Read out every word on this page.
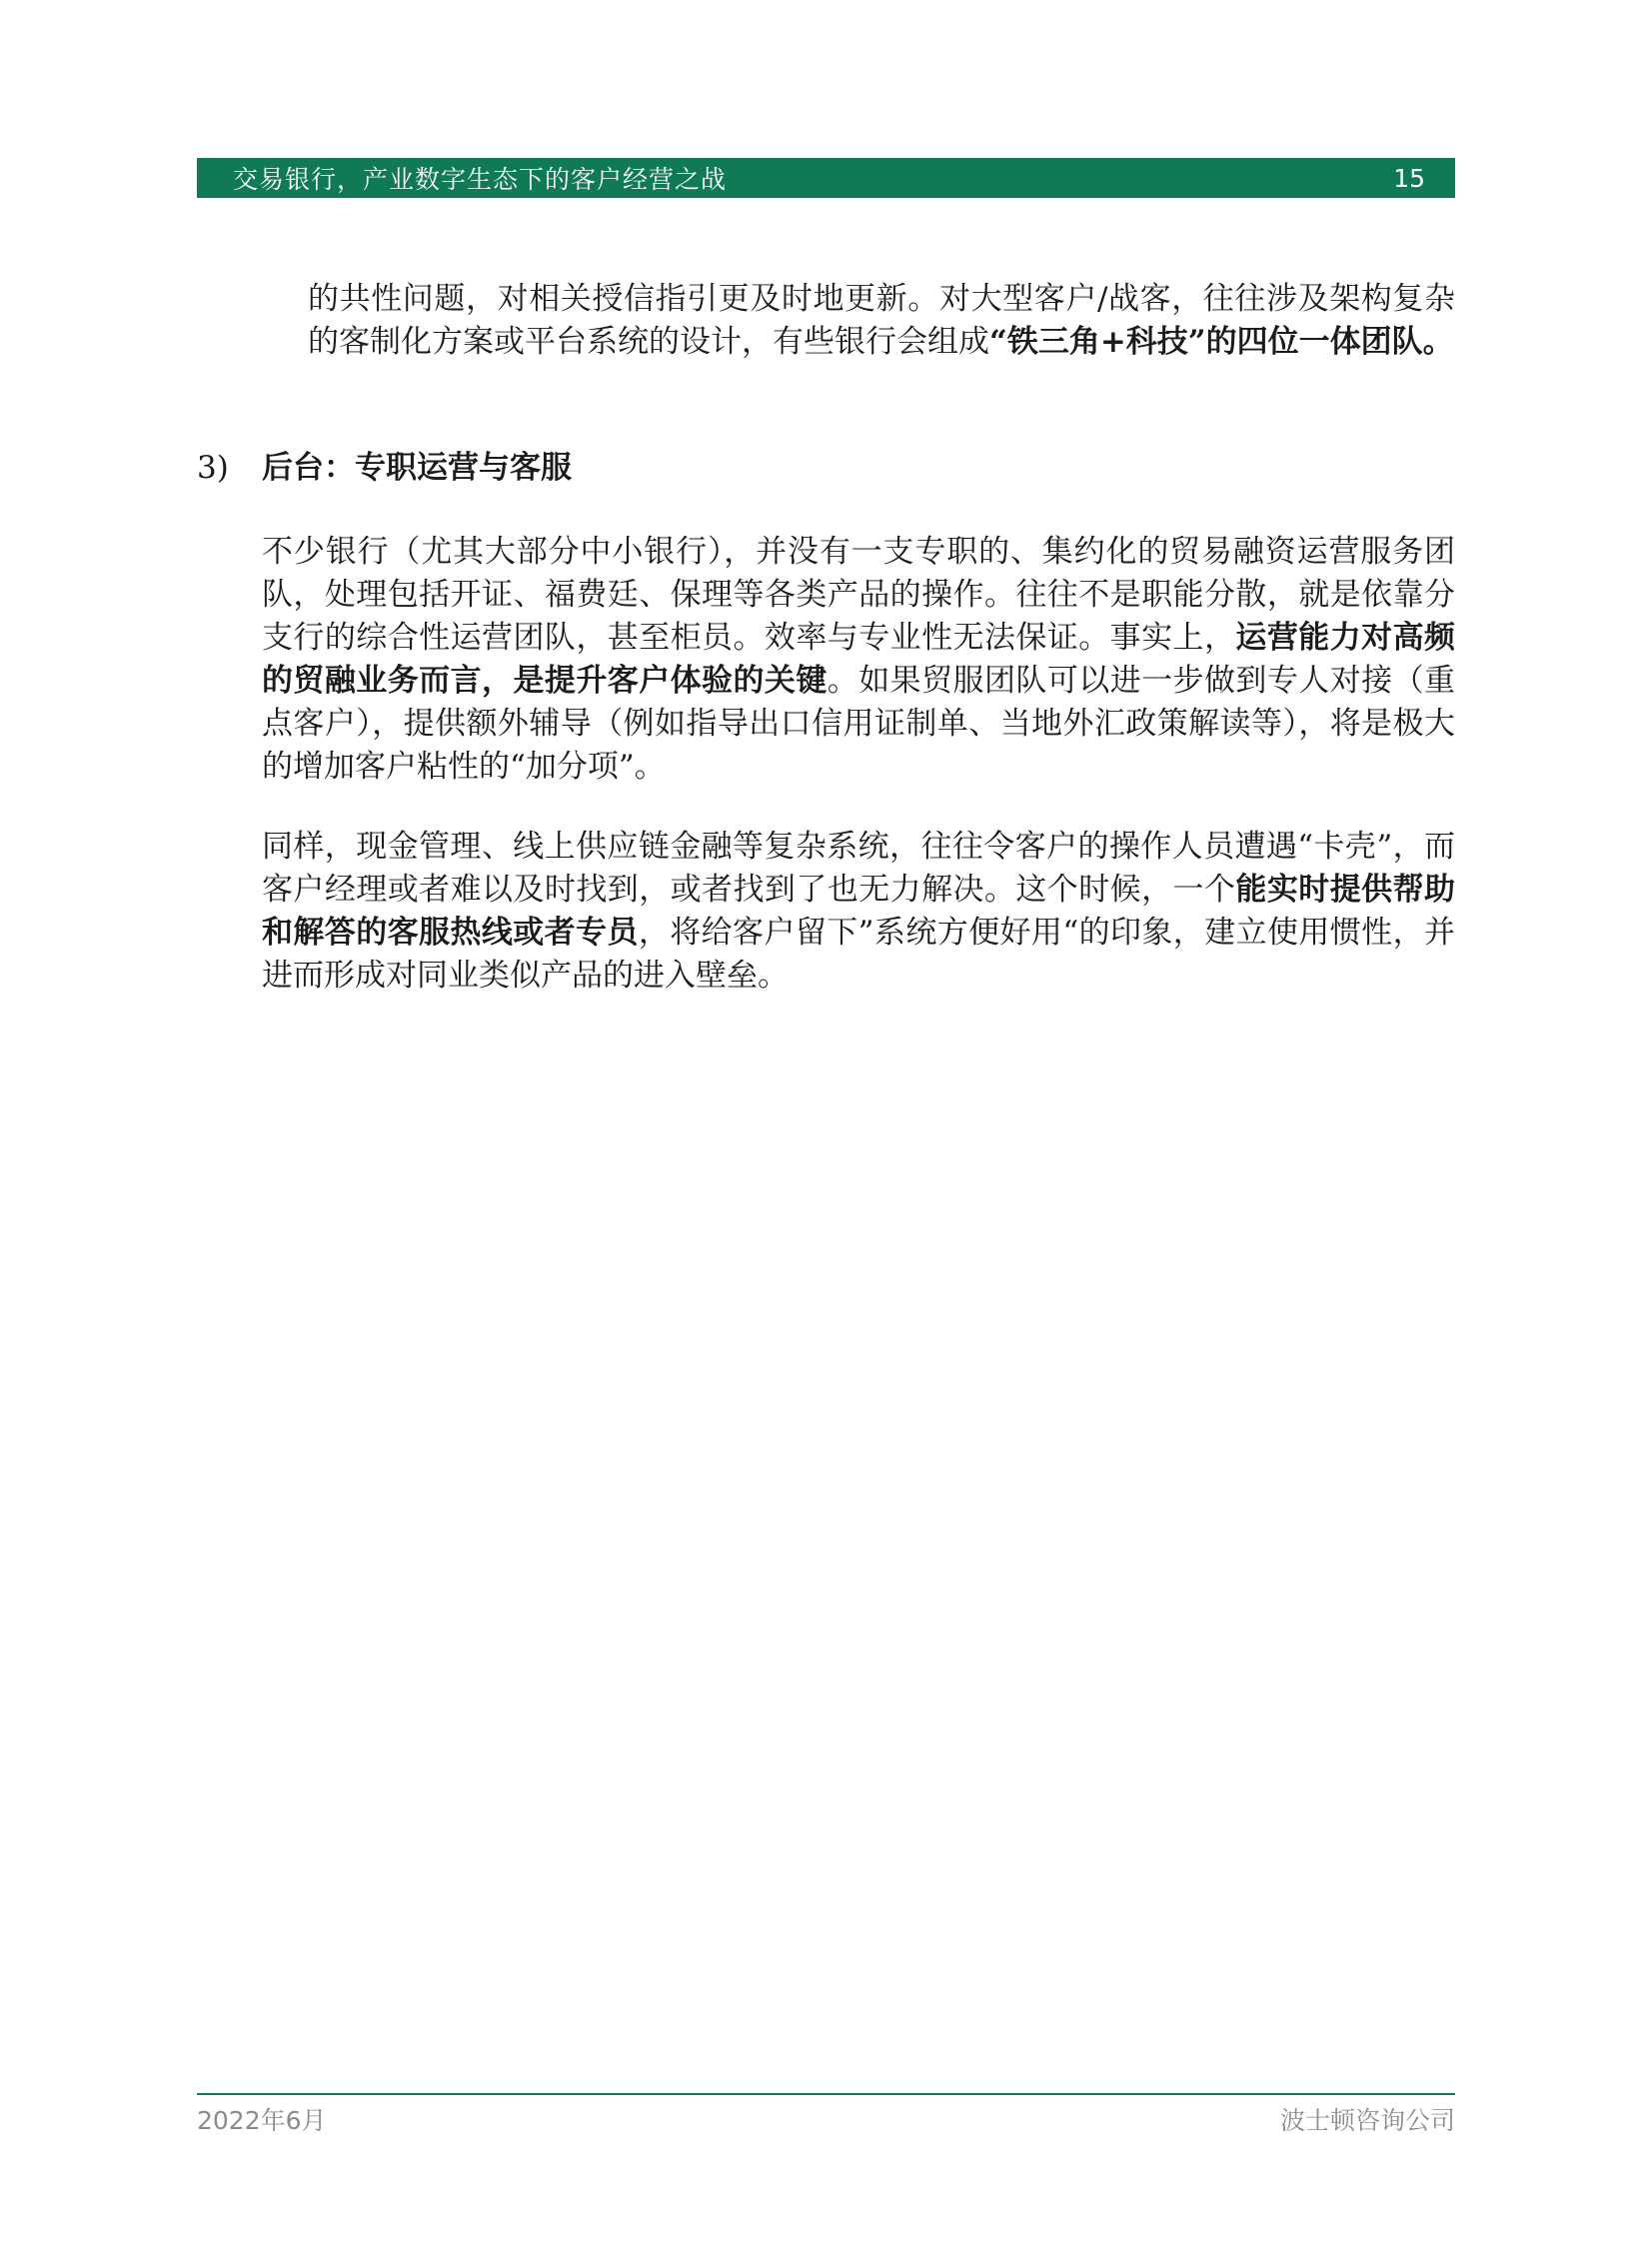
交易银行，产业数字生态下的客户经营之战	15

的共性问题，对相关授信指引更及时地更新。对大型客户/战客，往往涉及架构复杂的客制化方案或平台系统的设计，有些银行会组成“铁三角+科技”的四位一体团队。

3)	后台：专职运营与客服

不少银行（尤其大部分中小银行），并没有一支专职的、集约化的贸易融资运营服务团队，处理包括开证、福费廷、保理等各类产品的操作。往往不是职能分散，就是依靠分支行的综合性运营团队，甚至柜员。效率与专业性无法保证。事实上，运营能力对高频的贸融业务而言，是提升客户体验的关键。如果贸服团队可以进一步做到专人对接（重点客户），提供额外辅导（例如指导出口信用证制单、当地外汇政策解读等），将是极大的增加客户粘性的“加分项”。

同样，现金管理、线上供应链金融等复杂系统，往往令客户的操作人员遭遇“卡壳”，而客户经理或者难以及时找到，或者找到了也无力解决。这个时候，一个能实时提供帮助和解答的客服热线或者专员，将给客户留下”系统方便好用“的印象，建立使用惯性，并进而形成对同业类似产品的进入壁垒。

2022年6月	波士顿咨询公司
